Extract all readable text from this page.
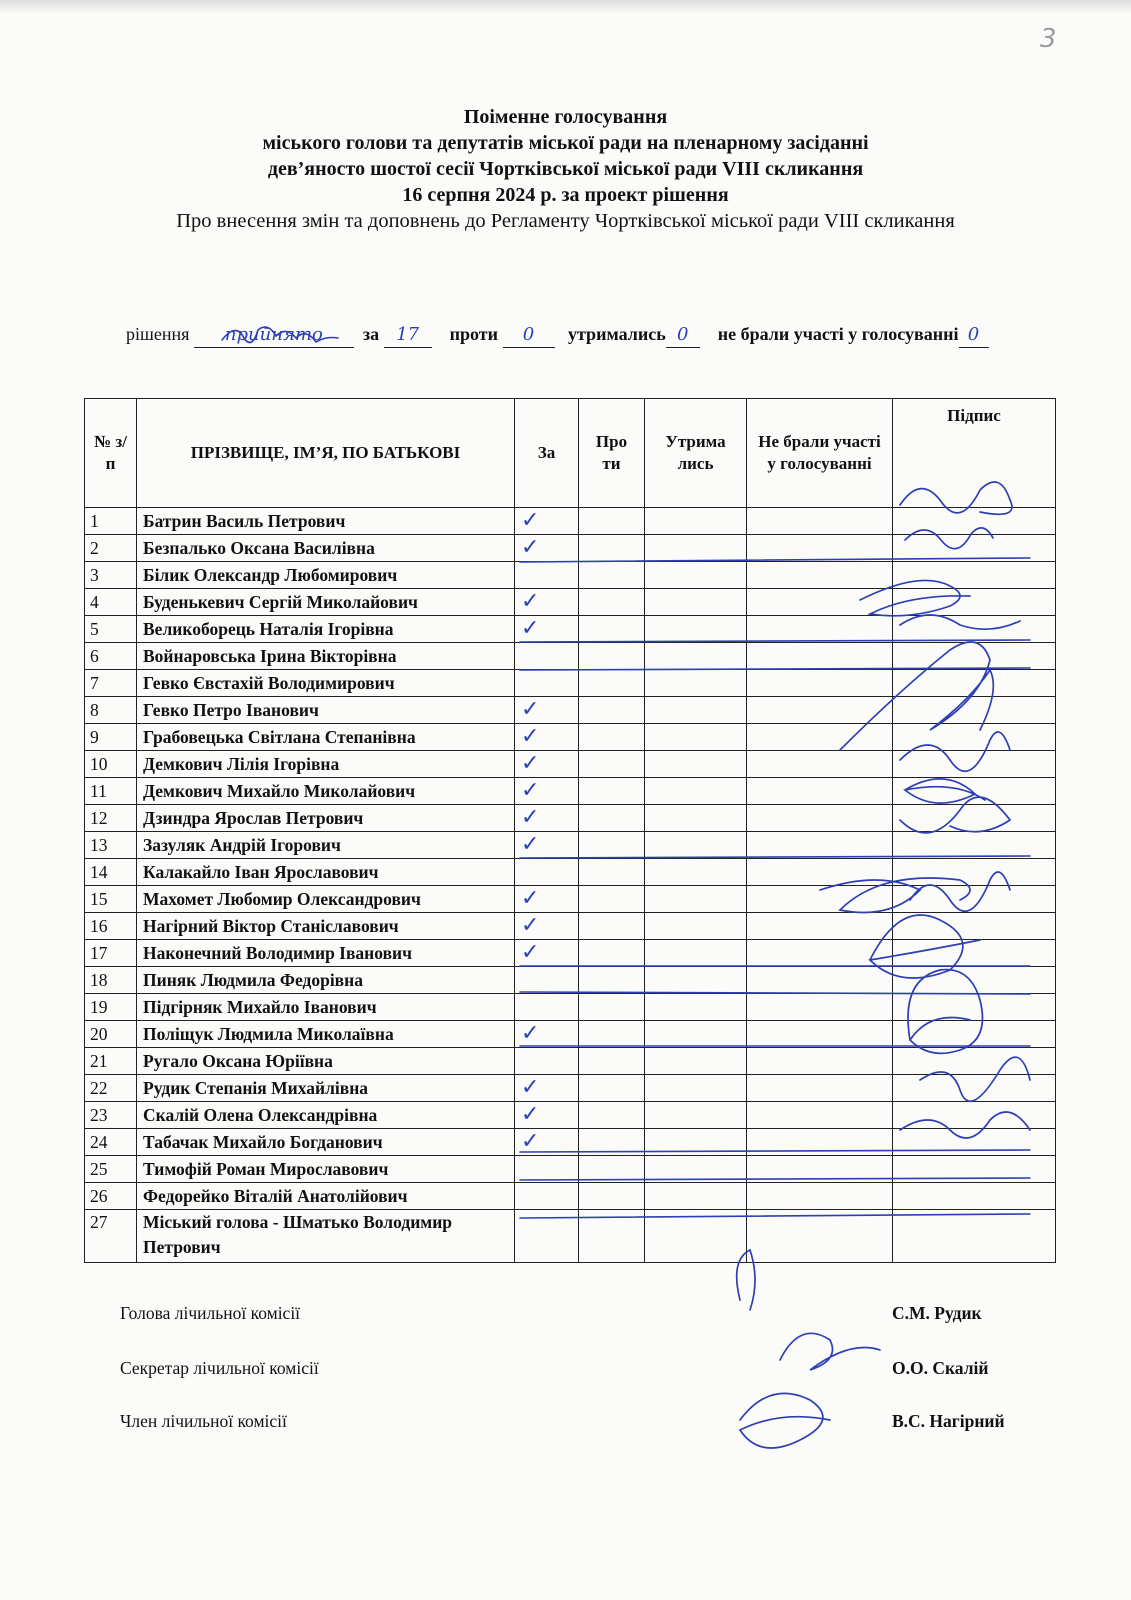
3
Поіменне голосування
міського голови та депутатів міської ради на пленарному засіданні
дев’яносто шостої сесії Чортківської міської ради VIII скликання
16 серпня 2024 р. за проект рішення
Про внесення змін та доповнень до Регламенту Чортківської міської ради VIII скликання
рішення прийнято за 17 проти 0 утримались 0 не брали участі у голосуванні 0
№ з/п	ПРІЗВИЩЕ, ІМ’Я, ПО БАТЬКОВІ	За	Про ти	Утрима лись	Не брали участі у голосуванні	Підпис
1	Батрин Василь Петрович	✓				
2	Безпалько Оксана Василівна	✓				
3	Білик Олександр Любомирович					
4	Буденькевич Сергій Миколайович	✓				
5	Великоборець Наталія Ігорівна	✓				
6	Войнаровська Ірина Вікторівна					
7	Гевко Євстахій Володимирович					
8	Гевко Петро Іванович	✓				
9	Грабовецька Світлана Степанівна	✓				
10	Демкович Лілія Ігорівна	✓				
11	Демкович Михайло Миколайович	✓				
12	Дзиндра Ярослав Петрович	✓				
13	Зазуляк Андрій Ігорович	✓				
14	Калакайло Іван Ярославович					
15	Махомет Любомир Олександрович	✓				
16	Нагірний Віктор Станіславович	✓				
17	Наконечний Володимир Іванович	✓				
18	Пиняк Людмила Федорівна					
19	Підгірняк Михайло Іванович					
20	Поліщук Людмила Миколаївна	✓				
21	Ругало Оксана Юріївна					
22	Рудик Степанія Михайлівна	✓				
23	Скалій Олена Олександрівна	✓				
24	Табачак Михайло Богданович	✓				
25	Тимофій Роман Мирославович					
26	Федорейко Віталій Анатолійович					
27	Міський голова - Шматько Володимир Петрович					
Голова лічильної комісії	С.М. Рудик
Секретар лічильної комісії	О.О. Скалій
Член лічильної комісії	В.С. Нагірний
